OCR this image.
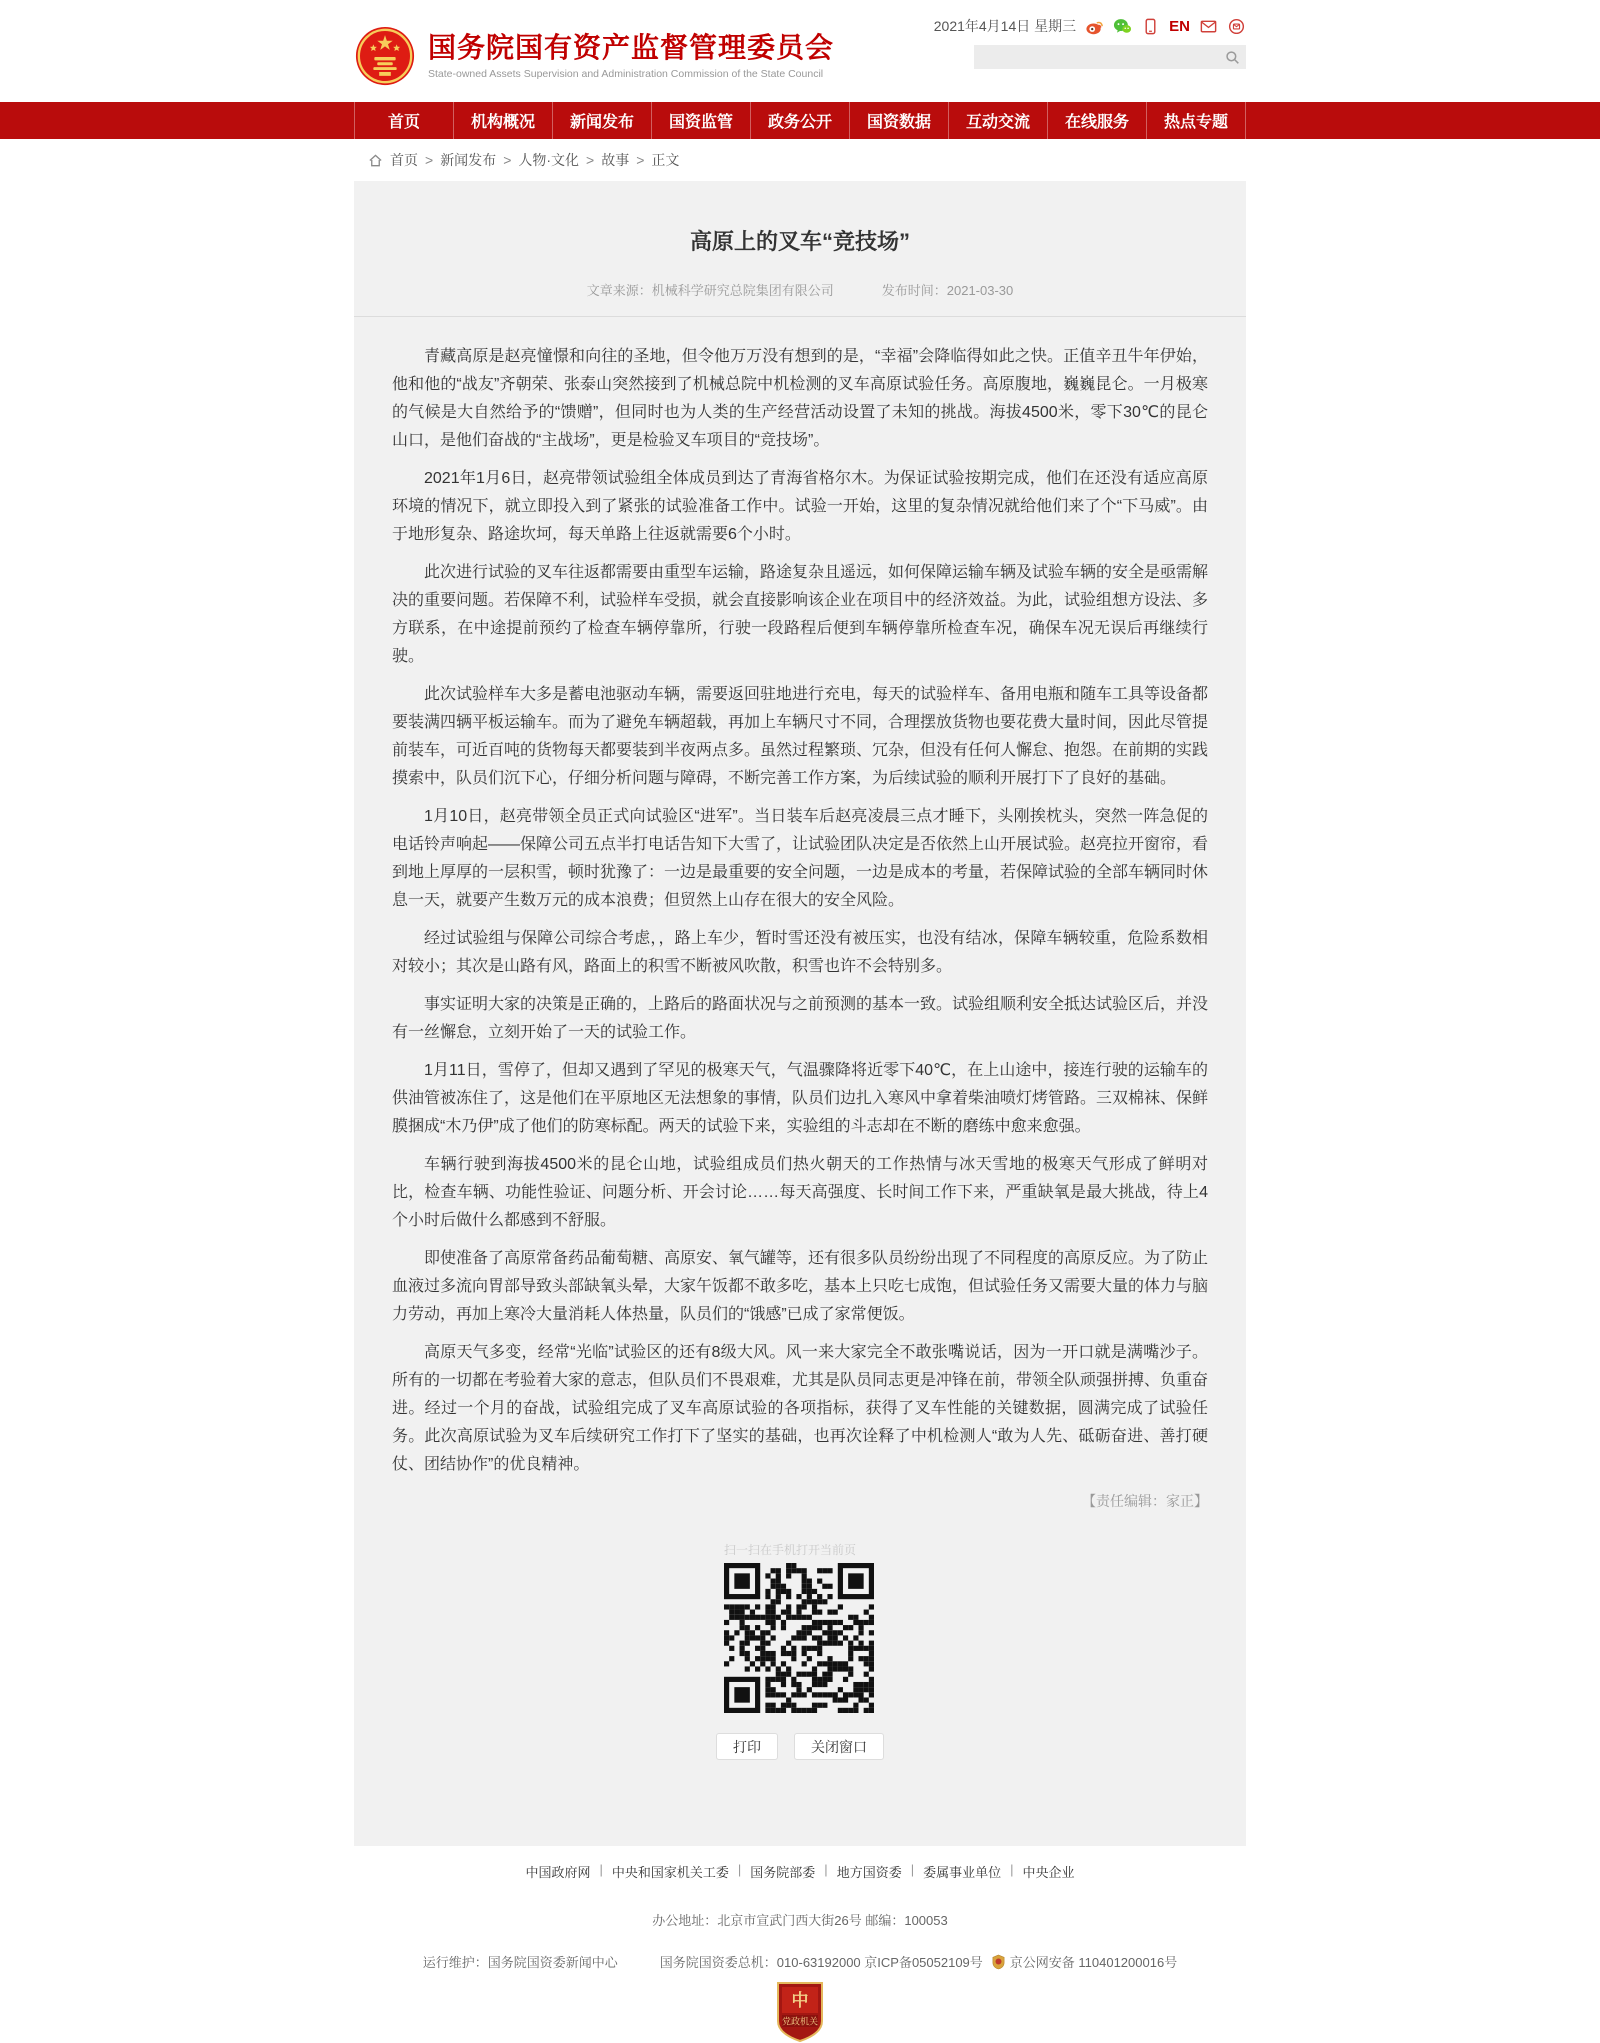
国务院国有资产监督管理委员会
State-owned Assets Supervision and Administration Commission of the State Council
2021年4月14日 星期三	EN
首页	机构概况	新闻发布	国资监管	政务公开	国资数据	互动交流	在线服务	热点专题
首页 > 新闻发布 > 人物·文化 > 故事 > 正文
高原上的叉车“竞技场”
文章来源：机械科学研究总院集团有限公司	发布时间：2021-03-30

青藏高原是赵亮憧憬和向往的圣地，但令他万万没有想到的是，“幸福”会降临得如此之快。正值辛丑牛年伊始，他和他的“战友”齐朝荣、张泰山突然接到了机械总院中机检测的叉车高原试验任务。高原腹地，巍巍昆仑。一月极寒的气候是大自然给予的“馈赠”，但同时也为人类的生产经营活动设置了未知的挑战。海拔4500米，零下30℃的昆仑山口，是他们奋战的“主战场”，更是检验叉车项目的“竞技场”。

2021年1月6日，赵亮带领试验组全体成员到达了青海省格尔木。为保证试验按期完成，他们在还没有适应高原环境的情况下，就立即投入到了紧张的试验准备工作中。试验一开始，这里的复杂情况就给他们来了个“下马威”。由于地形复杂、路途坎坷，每天单路上往返就需要6个小时。

此次进行试验的叉车往返都需要由重型车运输，路途复杂且遥远，如何保障运输车辆及试验车辆的安全是亟需解决的重要问题。若保障不利，试验样车受损，就会直接影响该企业在项目中的经济效益。为此，试验组想方设法、多方联系，在中途提前预约了检查车辆停靠所，行驶一段路程后便到车辆停靠所检查车况，确保车况无误后再继续行驶。

此次试验样车大多是蓄电池驱动车辆，需要返回驻地进行充电，每天的试验样车、备用电瓶和随车工具等设备都要装满四辆平板运输车。而为了避免车辆超载，再加上车辆尺寸不同，合理摆放货物也要花费大量时间，因此尽管提前装车，可近百吨的货物每天都要装到半夜两点多。虽然过程繁琐、冗杂，但没有任何人懈怠、抱怨。在前期的实践摸索中，队员们沉下心，仔细分析问题与障碍，不断完善工作方案，为后续试验的顺利开展打下了良好的基础。

1月10日，赵亮带领全员正式向试验区“进军”。当日装车后赵亮凌晨三点才睡下，头刚挨枕头，突然一阵急促的电话铃声响起——保障公司五点半打电话告知下大雪了，让试验团队决定是否依然上山开展试验。赵亮拉开窗帘，看到地上厚厚的一层积雪，顿时犹豫了：一边是最重要的安全问题，一边是成本的考量，若保障试验的全部车辆同时休息一天，就要产生数万元的成本浪费；但贸然上山存在很大的安全风险。

经过试验组与保障公司综合考虑，，路上车少，暂时雪还没有被压实，也没有结冰，保障车辆较重，危险系数相对较小；其次是山路有风，路面上的积雪不断被风吹散，积雪也许不会特别多。

事实证明大家的决策是正确的，上路后的路面状况与之前预测的基本一致。试验组顺利安全抵达试验区后，并没有一丝懈怠，立刻开始了一天的试验工作。

1月11日，雪停了，但却又遇到了罕见的极寒天气，气温骤降将近零下40℃，在上山途中，接连行驶的运输车的供油管被冻住了，这是他们在平原地区无法想象的事情，队员们边扎入寒风中拿着柴油喷灯烤管路。三双棉袜、保鲜膜捆成“木乃伊”成了他们的防寒标配。两天的试验下来，实验组的斗志却在不断的磨练中愈来愈强。

车辆行驶到海拔4500米的昆仑山地，试验组成员们热火朝天的工作热情与冰天雪地的极寒天气形成了鲜明对比，检查车辆、功能性验证、问题分析、开会讨论……每天高强度、长时间工作下来，严重缺氧是最大挑战，待上4个小时后做什么都感到不舒服。

即使准备了高原常备药品葡萄糖、高原安、氧气罐等，还有很多队员纷纷出现了不同程度的高原反应。为了防止血液过多流向胃部导致头部缺氧头晕，大家午饭都不敢多吃，基本上只吃七成饱，但试验任务又需要大量的体力与脑力劳动，再加上寒冷大量消耗人体热量，队员们的“饿感”已成了家常便饭。

高原天气多变，经常“光临”试验区的还有8级大风。风一来大家完全不敢张嘴说话，因为一开口就是满嘴沙子。所有的一切都在考验着大家的意志，但队员们不畏艰难，尤其是队员同志更是冲锋在前，带领全队顽强拼搏、负重奋进。经过一个月的奋战，试验组完成了叉车高原试验的各项指标，获得了叉车性能的关键数据，圆满完成了试验任务。此次高原试验为叉车后续研究工作打下了坚实的基础，也再次诠释了中机检测人“敢为人先、砥砺奋进、善打硬仗、团结协作”的优良精神。

【责任编辑：家正】
扫一扫在手机打开当前页
打印	关闭窗口
中国政府网 | 中央和国家机关工委 | 国务院部委 | 地方国资委 | 委属事业单位 | 中央企业
办公地址：北京市宣武门西大街26号 邮编：100053
运行维护：国务院国资委新闻中心	国务院国资委总机：010-63192000 京ICP备05052109号 京公网安备 110401200016号
中
党政机关
